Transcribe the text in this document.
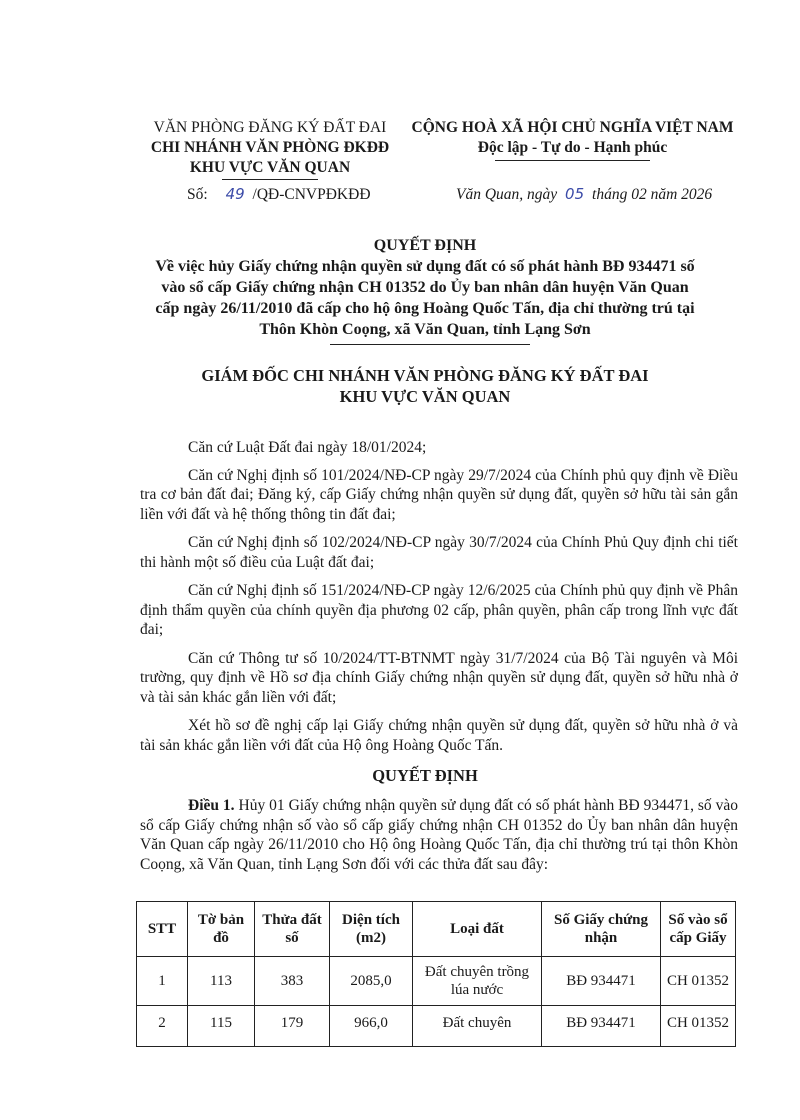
VĂN PHÒNG ĐĂNG KÝ ĐẤT ĐAI
CHI NHÁNH VĂN PHÒNG ĐKĐĐ
KHU VỰC VĂN QUAN
CỘNG HOÀ XÃ HỘI CHỦ NGHĨA VIỆT NAM
Độc lập - Tự do - Hạnh phúc
Số: 49 /QĐ-CNVPĐKĐĐ	Văn Quan, ngày 05 tháng 02 năm 2026
QUYẾT ĐỊNH
Về việc hủy Giấy chứng nhận quyền sử dụng đất có số phát hành BĐ 934471 số
vào sổ cấp Giấy chứng nhận CH 01352 do Ủy ban nhân dân huyện Văn Quan
cấp ngày 26/11/2010 đã cấp cho hộ ông Hoàng Quốc Tấn, địa chỉ thường trú tại
Thôn Khòn Coọng, xã Văn Quan, tỉnh Lạng Sơn
GIÁM ĐỐC CHI NHÁNH VĂN PHÒNG ĐĂNG KÝ ĐẤT ĐAI
KHU VỰC VĂN QUAN

Căn cứ Luật Đất đai ngày 18/01/2024;

Căn cứ Nghị định số 101/2024/NĐ-CP ngày 29/7/2024 của Chính phủ quy định về Điều tra cơ bản đất đai; Đăng ký, cấp Giấy chứng nhận quyền sử dụng đất, quyền sở hữu tài sản gắn liền với đất và hệ thống thông tin đất đai;

Căn cứ Nghị định số 102/2024/NĐ-CP ngày 30/7/2024 của Chính Phủ Quy định chi tiết thi hành một số điều của Luật đất đai;

Căn cứ Nghị định số 151/2024/NĐ-CP ngày 12/6/2025 của Chính phủ quy định về Phân định thẩm quyền của chính quyền địa phương 02 cấp, phân quyền, phân cấp trong lĩnh vực đất đai;

Căn cứ Thông tư số 10/2024/TT-BTNMT ngày 31/7/2024 của Bộ Tài nguyên và Môi trường, quy định về Hồ sơ địa chính Giấy chứng nhận quyền sử dụng đất, quyền sở hữu nhà ở và tài sản khác gắn liền với đất;

Xét hồ sơ đề nghị cấp lại Giấy chứng nhận quyền sử dụng đất, quyền sở hữu nhà ở và tài sản khác gắn liền với đất của Hộ ông Hoàng Quốc Tấn.

QUYẾT ĐỊNH

Điều 1. Hủy 01 Giấy chứng nhận quyền sử dụng đất có số phát hành BĐ 934471, số vào sổ cấp Giấy chứng nhận số vào sổ cấp giấy chứng nhận CH 01352 do Ủy ban nhân dân huyện Văn Quan cấp ngày 26/11/2010 cho Hộ ông Hoàng Quốc Tấn, địa chỉ thường trú tại thôn Khòn Coọng, xã Văn Quan, tỉnh Lạng Sơn đối với các thửa đất sau đây:

STT	Tờ bản đồ	Thửa đất số	Diện tích (m2)	Loại đất	Số Giấy chứng nhận	Số vào sổ cấp Giấy
1	113	383	2085,0	Đất chuyên trồng lúa nước	BĐ 934471	CH 01352
2	115	179	966,0	Đất chuyên	BĐ 934471	CH 01352
